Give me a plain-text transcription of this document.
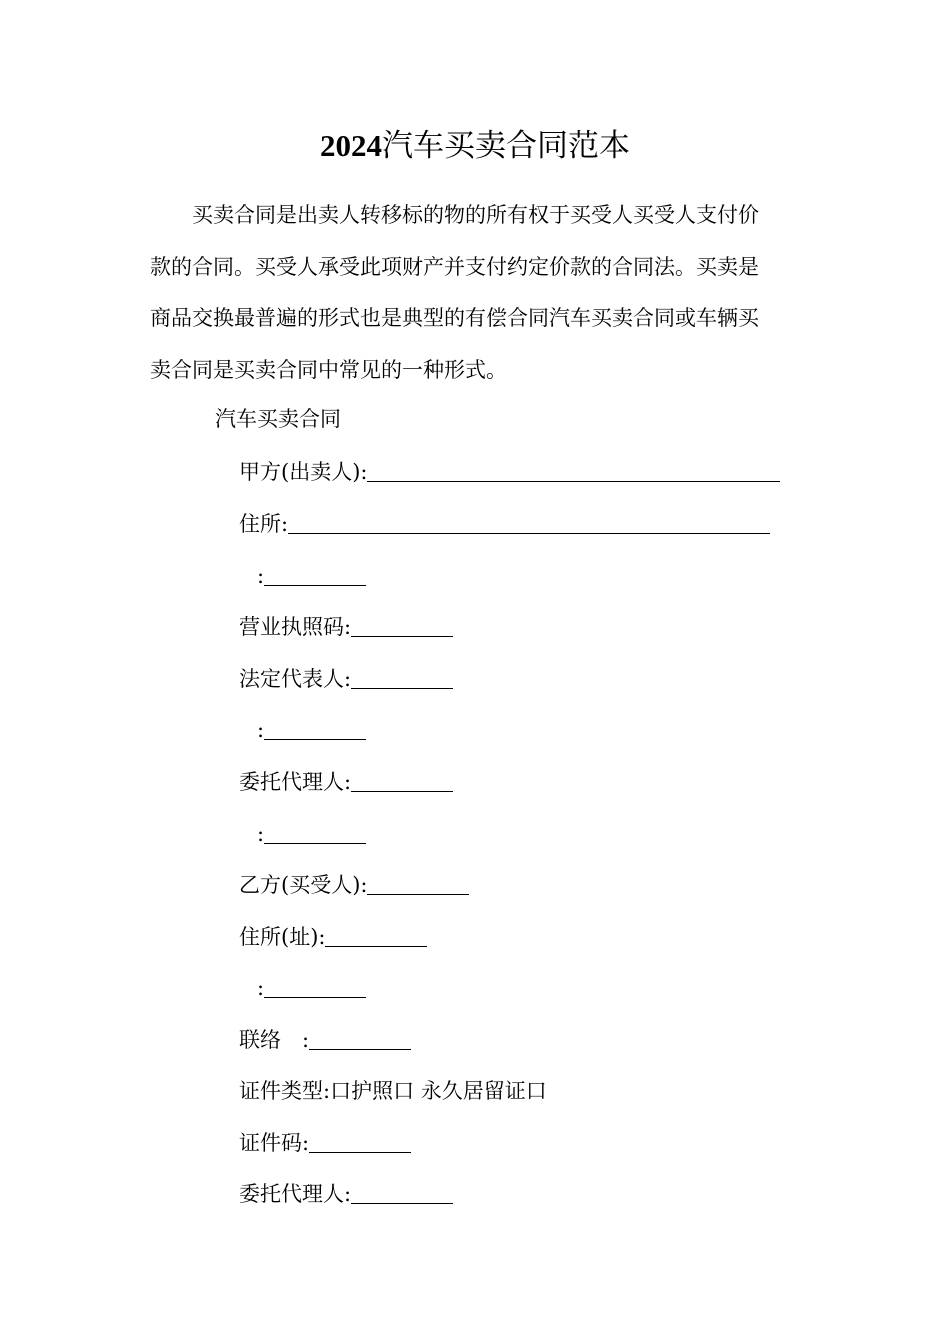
2024汽车买卖合同范本
买卖合同是出卖人转移标的物的所有权于买受人买受人支付价
款的合同。买受人承受此项财产并支付约定价款的合同法。买卖是
商品交换最普遍的形式也是典型的有偿合同汽车买卖合同或车辆买
卖合同是买卖合同中常见的一种形式。
汽车买卖合同
甲方(出卖人):
住所:
:
营业执照码:
法定代表人:
:
委托代理人:
:
乙方(买受人):
住所(址):
:
联络　:
证件类型:口护照口 永久居留证口
证件码:
委托代理人:
